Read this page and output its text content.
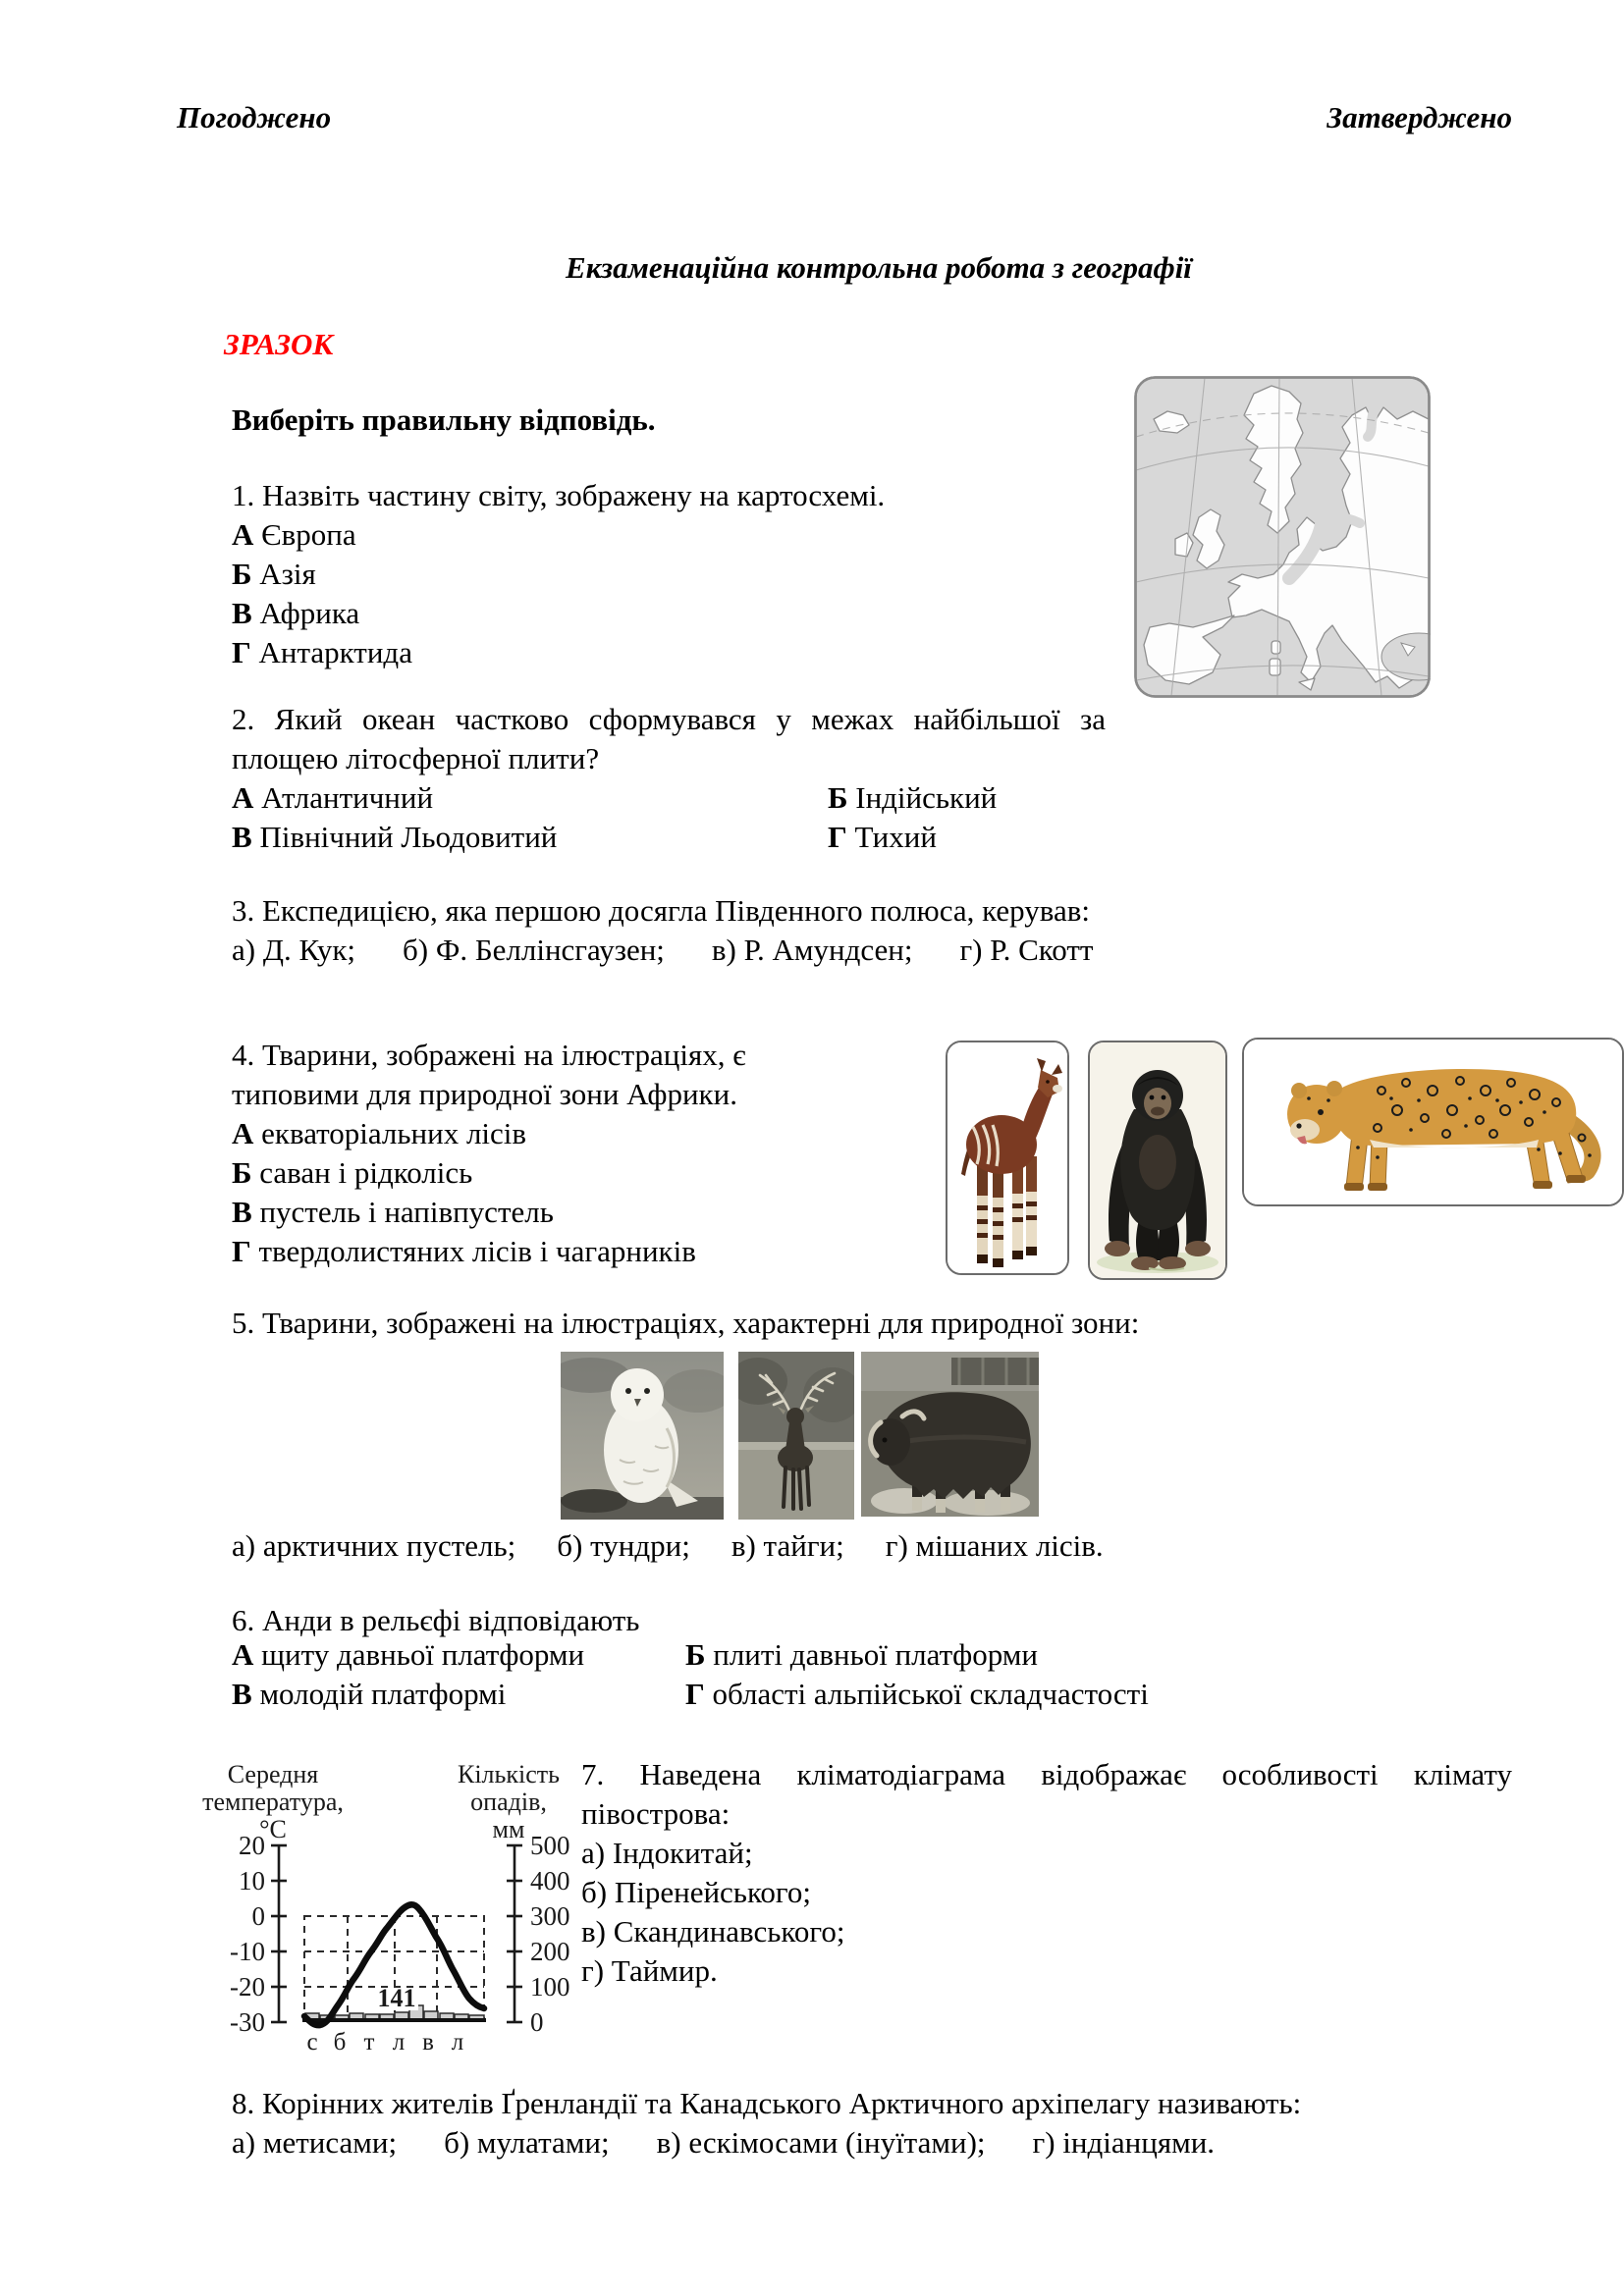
Погоджено	Затверджено
Екзаменаційна контрольна робота з географії
ЗРАЗОК
Виберіть правильну відповідь.
1. Назвіть частину світу, зображену на картосхемі.
А Європа
Б Азія
В Африка
Г Антарктида
2. Який океан частково сформувався у межах найбільшої за
площею літосферної плити?
А Атлантичний	Б Індійський
В Північний Льодовитий	Г Тихий
3. Експедицією, яка першою досягла Південного полюса, керував:
а) Д. Кук; б) Ф. Беллінсгаузен; в) Р. Амундсен; г) Р. Скотт
4. Тварини, зображені на ілюстраціях, є
типовими для природної зони Африки.
А екваторіальних лісів
Б саван і рідколісь
В пустель і напівпустель
Г твердолистяних лісів і чагарників
5. Тварини, зображені на ілюстраціях, характерні для природної зони:
а) арктичних пустель; б) тундри; в) тайги; г) мішаних лісів.
6. Анди в рельєфі відповідають
А щиту давньої платформи	Б плиті давньої платформи
В молодій платформі	Г області альпійської складчастості
Середня
температура,
°C
Кількість
опадів,
мм
20
10
0
-10
-20
-30
500
400
300
200
100
0
141
с б т л в л
7. Наведена кліматодіаграма відображає особливості клімату
півострова:
а) Індокитай;
б) Піренейського;
в) Скандинавського;
г) Таймир.
8. Корінних жителів Ґренландії та Канадського Арктичного архіпелагу називають:
а) метисами; б) мулатами; в) ескімосами (інуїтами); г) індіанцями.
